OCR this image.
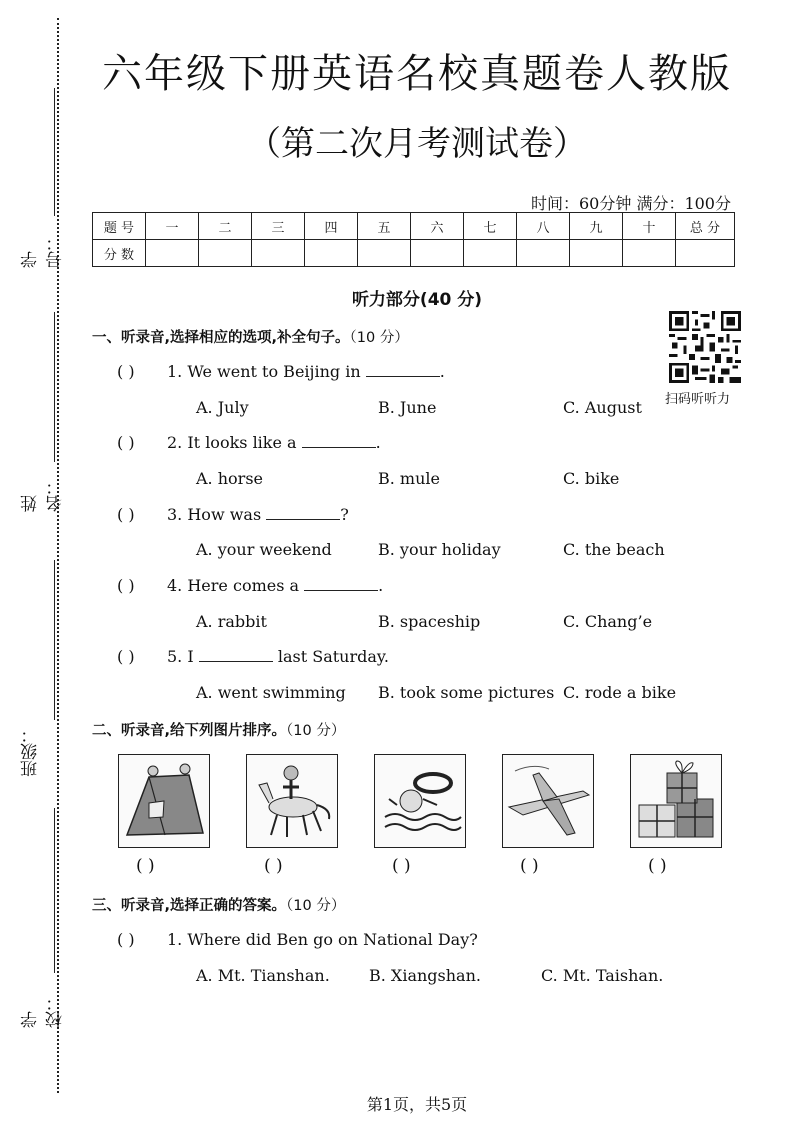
学号：
姓名：
班级：
学校：
六年级下册英语名校真题卷人教版
（第二次月考测试卷）
时间：60分钟 满分：100分
题 号	一	二	三	四	五	六	七	八	九	十	总 分
分 数											
听力部分(40 分)
扫码听听力
一、听录音,选择相应的选项,补全句子。（10 分）
( ) 1. We went to Beijing in	.
A. July	B. June	C. August
( ) 2. It looks like a	.
A. horse	B. mule	C. bike
( ) 3. How was	?
A. your weekend	B. your holiday	C. the beach
( ) 4. Here comes a	.
A. rabbit	B. spaceship	C. Chang’e
( ) 5. I	last Saturday.
A. went swimming B. took some pictures C. rode a bike
二、听录音,给下列图片排序。（10 分）
( )	( )	( )	( )	( )
三、听录音,选择正确的答案。（10 分）
( ) 1. Where did Ben go on National Day?
A. Mt. Tianshan. B. Xiangshan.	C. Mt. Taishan.
第1页，共5页
